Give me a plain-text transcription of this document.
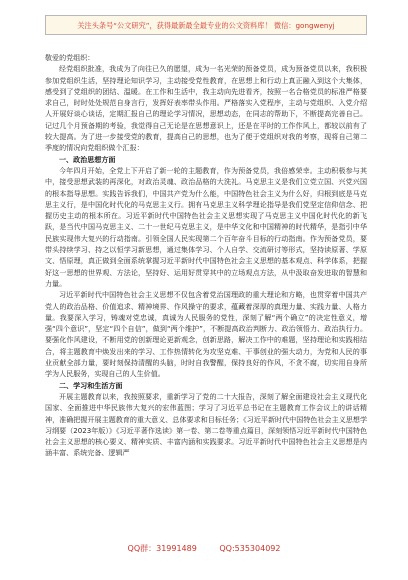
关注头条号“公文研究”，获得最新最全最专业的公文资料库！ 微信：gongwenyj

敬爱的党组织：

经党组织批准，我成为了向往已久的愿望，成为一名光荣的预备党员，成为预备党员以来，我积极参加党组织生活，坚持理论知识学习，主动接受党性教育，在思想上和行动上真正融入到这个大集体，感受到了党组织的团结、温暖。在工作和生活中，我主动向先进看齐，按照一名合格党员的标准严格要求自己，时时处处规范自身言行，发挥好表率带头作用。严格落实入党程序，主动与党组织、入党介绍人开展好谈心谈话，定期汇报自己的理论学习情况，思想动态，在同志的帮助下，不断提高完善自己。记过几个月预备期的考验，我觉得自己无论是在思想意识上，还是在平时的工作作风上，都较以前有了较大提高。为了进一步接受党的教育，提高自己的思想，也为了便于党组织对我的考察，现将自己第二季度的情况向党组织做个汇报：

一、政治思想方面

今年四月开始，全党上下开启了新一轮的主题教育，作为预备党员，我倍感荣幸。主动积极参与其中，接受思想武装的再深化，对政治灵魂、政治品格的大洗礼。马克思主义是我们立党立国、兴党兴国的根本指导思想。实践告诉我们，中国共产党为什么能，中国特色社会主义为什么好，归根到底是马克思主义行，是中国化时代化的马克思主义行。拥有马克思主义科学理论指导是我们党坚定信仰信念、把握历史主动的根本所在。习近平新时代中国特色社会主义思想实现了马克思主义中国化时代化的新飞跃，是当代中国马克思主义、二十一世纪马克思主义，是中华文化和中国精神的时代精华，是指引中华民族实现伟大复兴的行动指南。引领全国人民实现第二个百年奋斗目标的行动指南。作为预备党员，要带头持续学习、持之以恒学习新思想，通过集体学习、个人自学、交流研讨等形式，坚持读原著、学原文、悟原理，真正做到全面系统掌握习近平新时代中国特色社会主义思想的基本观点、科学体系，把握好这一思想的世界观、方法论，坚持好、运用好贯穿其中的立场观点方法，从中汲取奋发进取的智慧和力量。

习近平新时代中国特色社会主义思想不仅包含着党治国理政的重大理论和方略，也贯穿着中国共产党人的政治品格、价值追求、精神境界、作风操守的要求，蕴藏着深厚的真理力量、实践力量、人格力量。我要深入学习，铸魂对党忠诚，真诚为人民服务的党性，深刻了解“两个确立”的决定性意义，增强“四个意识”，坚定“四个自信”，做到“两个维护”，不断提高政治判断力、政治领悟力、政治执行力。要强化作风建设，不断用党的创新理论更新观念，创新思路，解决工作中的难题，坚持理论和实践相结合，将主题教育中焕发出来的学习、工作热情转化为攻坚克难、干事创业的强大动力，为党和人民的事业贡献全部力量，要时刻保持清醒的头脑，时时自我警醒，保持良好的作风，不贪不腐，切实用自身所学为人民服务，实现自己的人生价值。

二、学习和生活方面

开展主题教育以来，我按照要求，重新学习了党的二十大报告，深刻了解全面建设社会主义现代化国家、全面推进中华民族伟大复兴的宏伟蓝图；学习了习近平总书记在主题教育工作会议上的讲话精神，准确把握开展主题教育的重大意义、总体要求和目标任务；《习近平新时代中国特色社会主义思想学习纲要（2023年版）》《习近平著作选读》第一卷、第二卷等重点篇目，深刻领悟习近平新时代中国特色社会主义思想的核心要义、精神实质、丰富内涵和实践要求。习近平新时代中国特色社会主义思想是内涵丰富、系统完备、逻辑严

QQ群：31991489	QQ:535304092
